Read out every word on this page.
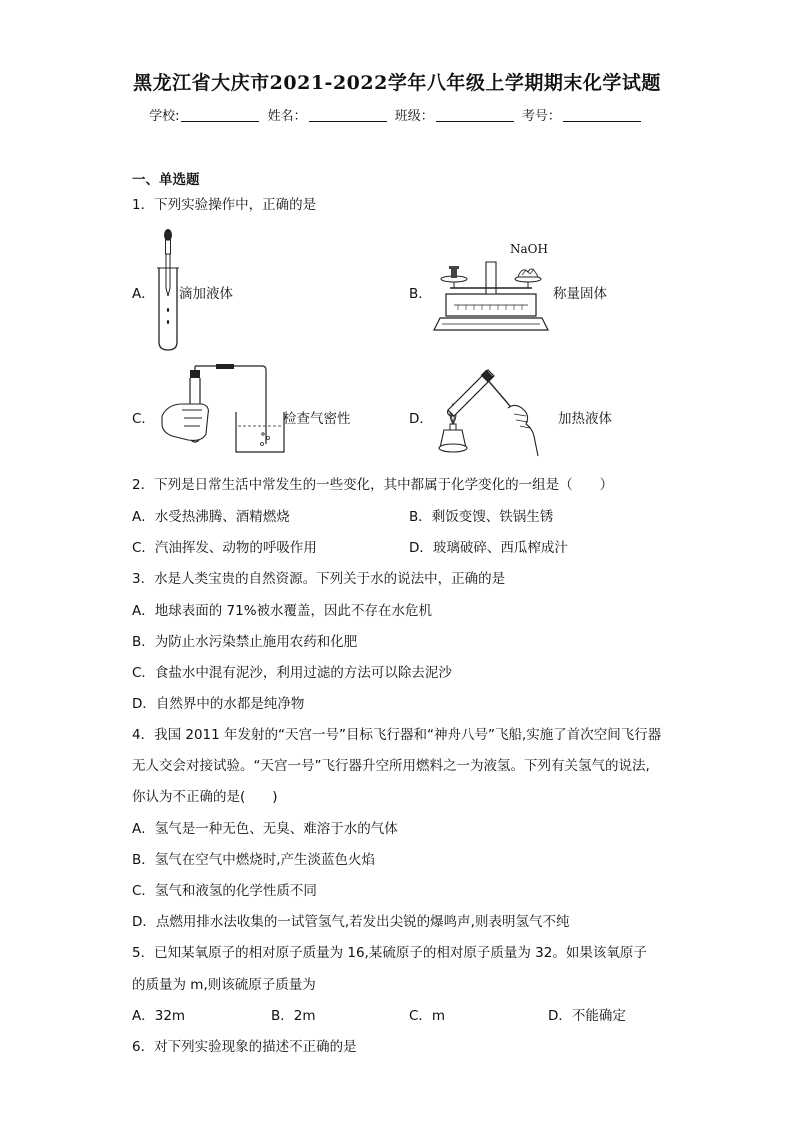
黑龙江省大庆市2021-2022学年八年级上学期期末化学试题
学校:	姓名：	班级：	考号：
一、单选题
1．下列实验操作中，正确的是
A． 滴加液体	B．
NaOH
称量固体
C．	检查气密性	D．	加热液体
2．下列是日常生活中常发生的一些变化，其中都属于化学变化的一组是（　　）
A．水受热沸腾、酒精燃烧	B．剩饭变馊、铁锅生锈
C．汽油挥发、动物的呼吸作用	D．玻璃破碎、西瓜榨成汁
3．水是人类宝贵的自然资源。下列关于水的说法中，正确的是
A．地球表面的 71%被水覆盖，因此不存在水危机
B．为防止水污染禁止施用农药和化肥
C．食盐水中混有泥沙，利用过滤的方法可以除去泥沙
D．自然界中的水都是纯净物
4．我国 2011 年发射的“天宫一号”目标飞行器和“神舟八号”飞船,实施了首次空间飞行器
无人交会对接试验。“天宫一号”飞行器升空所用燃料之一为液氢。下列有关氢气的说法,
你认为不正确的是(　　)
A．氢气是一种无色、无臭、难溶于水的气体
B．氢气在空气中燃烧时,产生淡蓝色火焰
C．氢气和液氢的化学性质不同
D．点燃用排水法收集的一试管氢气,若发出尖锐的爆鸣声,则表明氢气不纯
5．已知某氧原子的相对原子质量为 16,某硫原子的相对原子质量为 32。如果该氧原子
的质量为 m,则该硫原子质量为
A．32m	B．2m	C．m	D．不能确定
6．对下列实验现象的描述不正确的是
